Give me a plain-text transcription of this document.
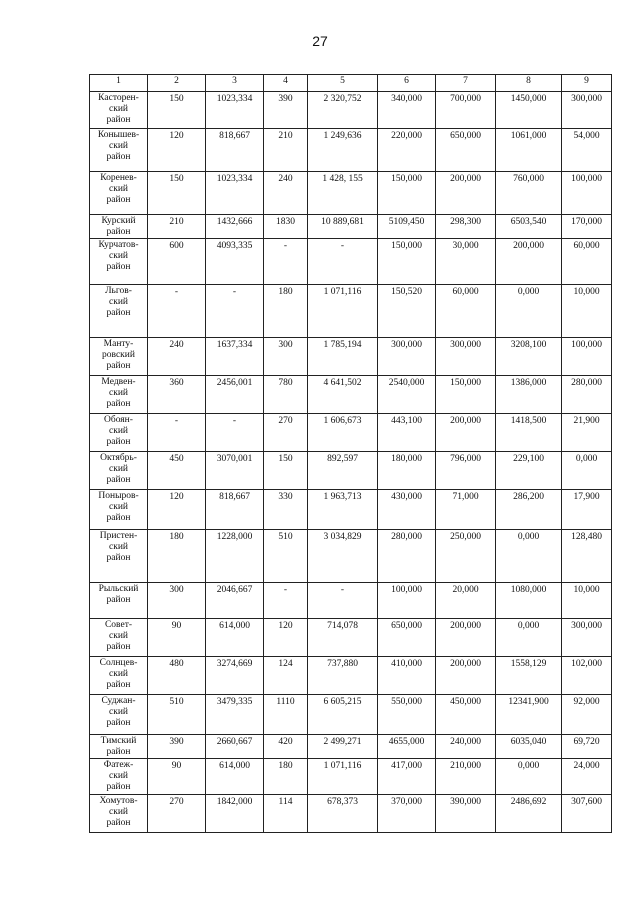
27
1	2	3	4	5	6	7	8	9
Касторен-
ский
район	150	1023,334	390	2 320,752	340,000	700,000	1450,000	300,000
Конышев-
ский
район	120	818,667	210	1 249,636	220,000	650,000	1061,000	54,000
Коренев-
ский
район	150	1023,334	240	1 428, 155	150,000	200,000	760,000	100,000
Курский
район	210	1432,666	1830	10 889,681	5109,450	298,300	6503,540	170,000
Курчатов-
ский
район	600	4093,335	-	-	150,000	30,000	200,000	60,000
Льгов-
ский
район	-	-	180	1 071,116	150,520	60,000	0,000	10,000
Манту-
ровский
район	240	1637,334	300	1 785,194	300,000	300,000	3208,100	100,000
Медвен-
ский
район	360	2456,001	780	4 641,502	2540,000	150,000	1386,000	280,000
Обоян-
ский
район	-	-	270	1 606,673	443,100	200,000	1418,500	21,900
Октябрь-
ский
район	450	3070,001	150	892,597	180,000	796,000	229,100	0,000
Поныров-
ский
район	120	818,667	330	1 963,713	430,000	71,000	286,200	17,900
Пристен-
ский
район	180	1228,000	510	3 034,829	280,000	250,000	0,000	128,480
Рыльский
район	300	2046,667	-	-	100,000	20,000	1080,000	10,000
Совет-
ский
район	90	614,000	120	714,078	650,000	200,000	0,000	300,000
Солнцев-
ский
район	480	3274,669	124	737,880	410,000	200,000	1558,129	102,000
Суджан-
ский
район	510	3479,335	1110	6 605,215	550,000	450,000	12341,900	92,000
Тимский
район	390	2660,667	420	2 499,271	4655,000	240,000	6035,040	69,720
Фатеж-
ский
район	90	614,000	180	1 071,116	417,000	210,000	0,000	24,000
Хомутов-
ский
район	270	1842,000	114	678,373	370,000	390,000	2486,692	307,600
